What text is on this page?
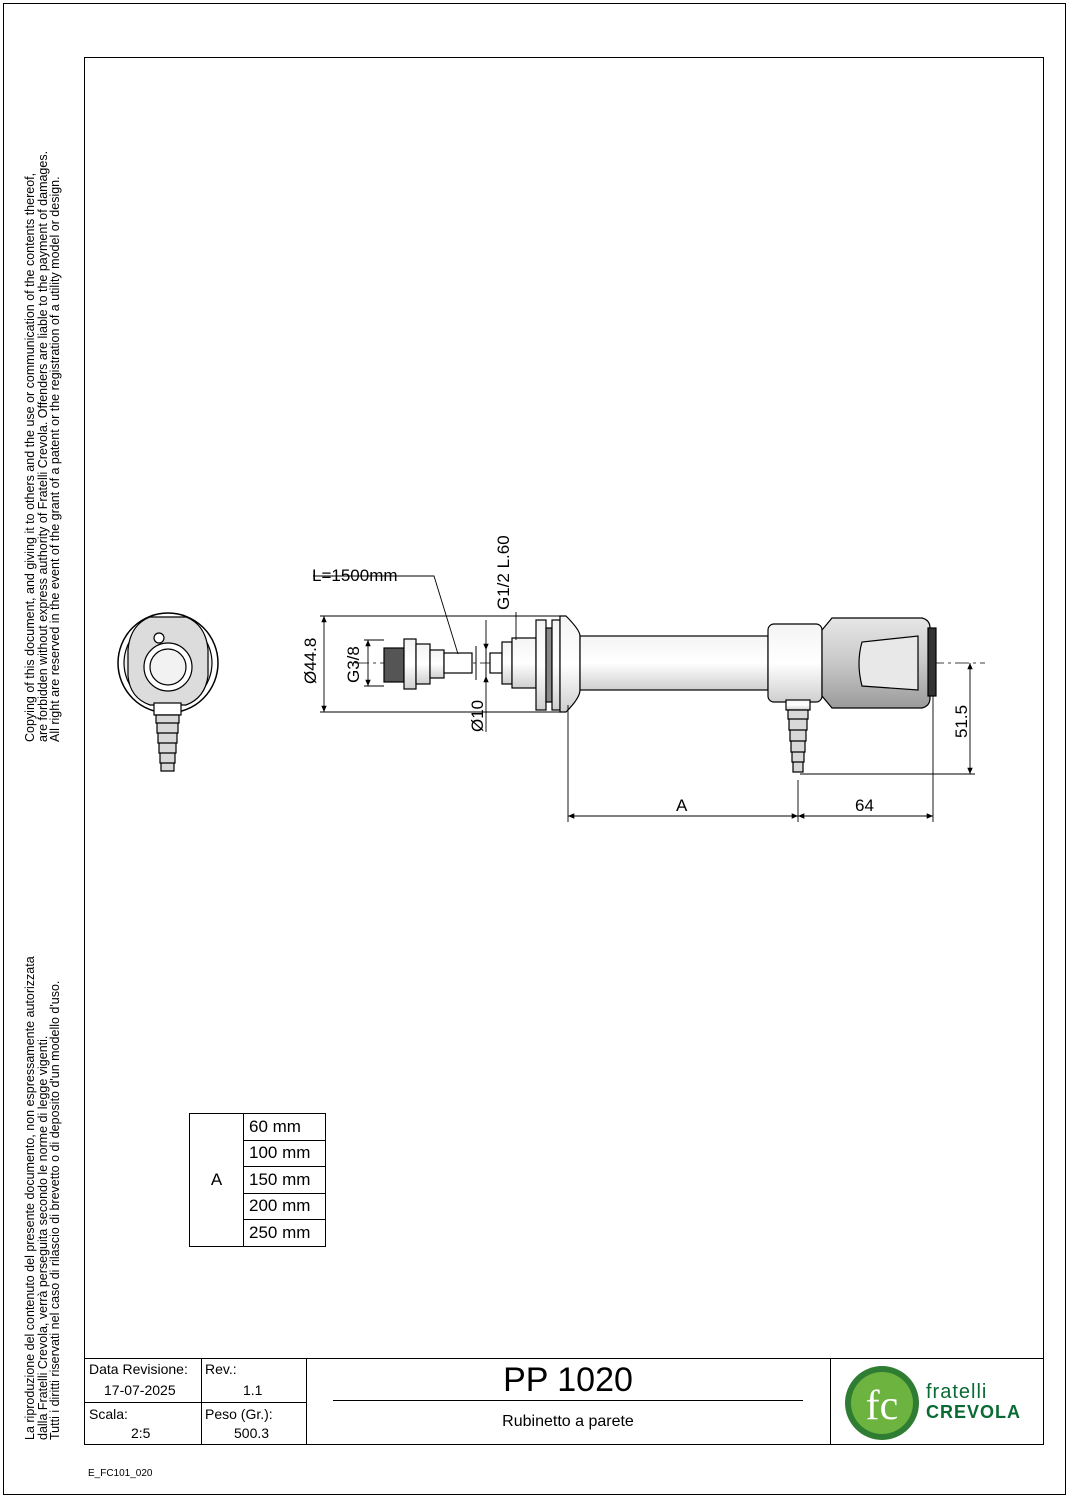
Copying of this document, and giving it to others and the use or communication of the contents thereof,
are forbidden without express authority of Fratelli Crevola. Offenders are liable to the payment of damages.
All right are reserved in the event of the grant of a patent or the registration of a utility model or design.
La riproduzione del contenuto del presente documento, non espressamente autorizzata
dalla Fratelli Crevola, verrà perseguita secondo le norme di legge vigenti.
Tutti i diritti riservati nel caso di rilascio di brevetto o di deposito d'un modello d'uso.
L=1500mm	G1/2 L.60
Ø44.8 G3/8
Ø10	51.5
A	64
A	60 mm
100 mm
150 mm
200 mm
250 mm
Data Revisione:
17-07-2025
Rev.:
1.1
Scala:
2:5
Peso (Gr.):
500.3
PP 1020
Rubinetto a parete	fc fratelli
CREVOLA
E_FC101_020
